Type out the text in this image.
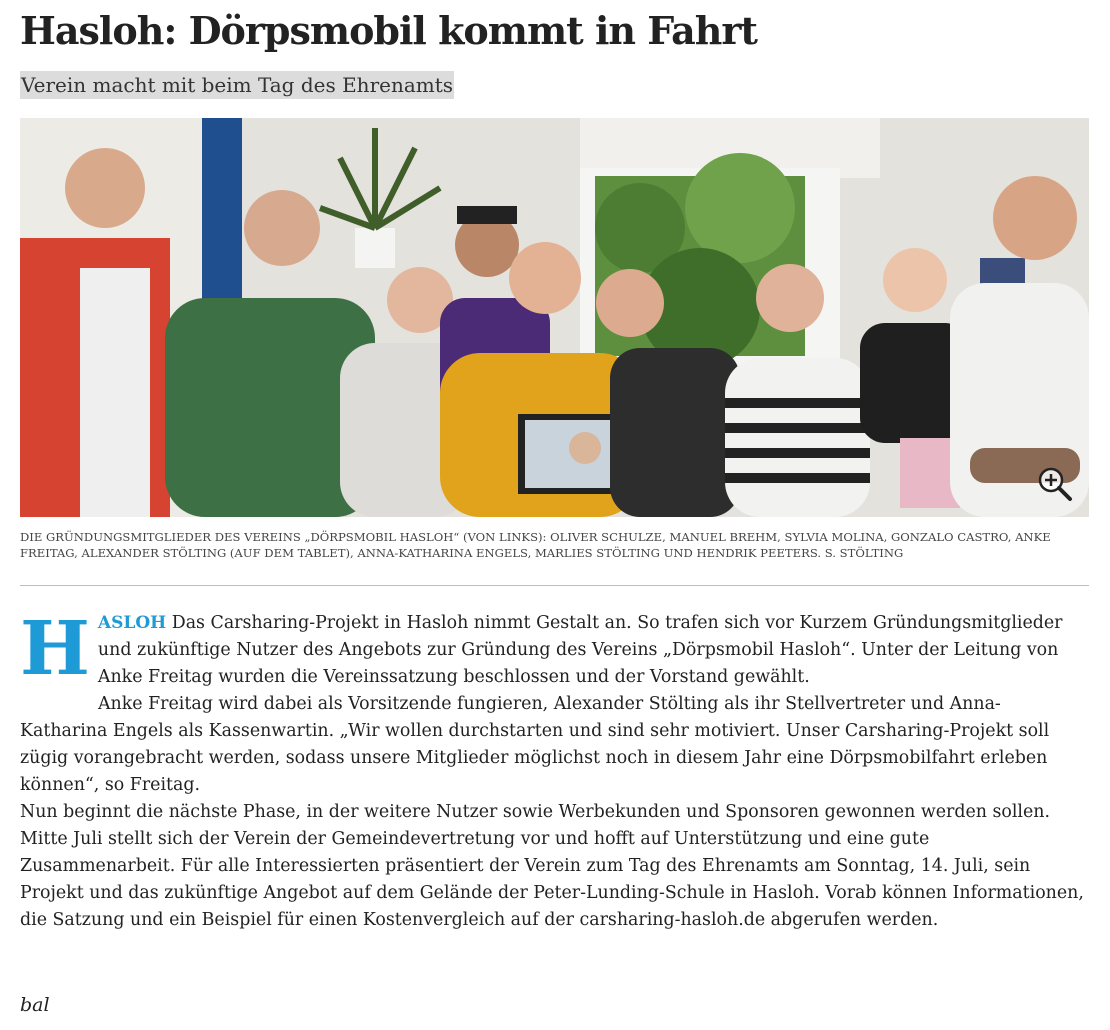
Hasloh: Dörpsmobil kommt in Fahrt
Verein macht mit beim Tag des Ehrenamts
DIE GRÜNDUNGSMITGLIEDER DES VEREINS „DÖRPSMOBIL HASLOH“ (VON LINKS): OLIVER SCHULZE, MANUEL BREHM, SYLVIA MOLINA, GONZALO CASTRO, ANKE FREITAG, ALEXANDER STÖLTING (AUF DEM TABLET), ANNA-KATHARINA ENGELS, MARLIES STÖLTING UND HENDRIK PEETERS. S. STÖLTING

HASLOH Das Carsharing-Projekt in Hasloh nimmt Gestalt an. So trafen sich vor Kurzem Gründungsmitglieder und zukünftige Nutzer des Angebots zur Gründung des Vereins „Dörpsmobil Hasloh“. Unter der Leitung von Anke Freitag wurden die Vereinssatzung beschlossen und der Vorstand gewählt.

Anke Freitag wird dabei als Vorsitzende fungieren, Alexander Stölting als ihr Stellvertreter und Anna-Katharina Engels als Kassenwartin. „Wir wollen durchstarten und sind sehr motiviert. Unser Carsharing-Projekt soll zügig vorangebracht werden, sodass unsere Mitglieder möglichst noch in diesem Jahr eine Dörpsmobilfahrt erleben können“, so Freitag.

Nun beginnt die nächste Phase, in der weitere Nutzer sowie Werbekunden und Sponsoren gewonnen werden sollen. Mitte Juli stellt sich der Verein der Gemeindevertretung vor und hofft auf Unterstützung und eine gute Zusammenarbeit. Für alle Interessierten präsentiert der Verein zum Tag des Ehrenamts am Sonntag, 14. Juli, sein Projekt und das zukünftige Angebot auf dem Gelände der Peter-Lunding-Schule in Hasloh. Vorab können Informationen, die Satzung und ein Beispiel für einen Kostenvergleich auf der carsharing-hasloh.de abgerufen werden.

bal
